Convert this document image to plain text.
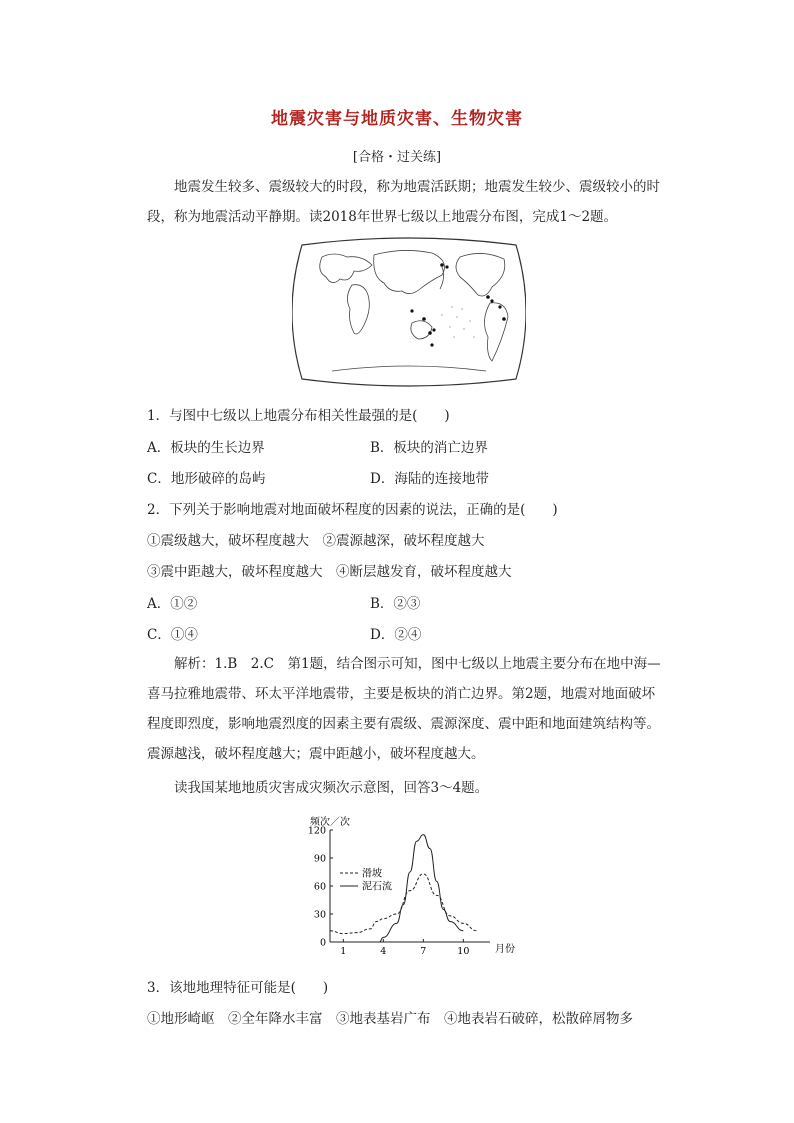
地震灾害与地质灾害、生物灾害
[合格・过关练]
地震发生较多、震级较大的时段，称为地震活跃期；地震发生较少、震级较小的时段，称为地震活动平静期。读2018年世界七级以上地震分布图，完成1～2题。
1．与图中七级以上地震分布相关性最强的是(　　)
A．板块的生长边界	B．板块的消亡边界
C．地形破碎的岛屿	D．海陆的连接地带
2．下列关于影响地震对地面破坏程度的因素的说法，正确的是(　　)
①震级越大，破坏程度越大　②震源越深，破坏程度越大
③震中距越大，破坏程度越大　④断层越发育，破坏程度越大
A．①②	B．②③
C．①④	D．②④
解析：1.B　2.C　第1题，结合图示可知，图中七级以上地震主要分布在地中海—喜马拉雅地震带、环太平洋地震带，主要是板块的消亡边界。第2题，地震对地面破坏程度即烈度，影响地震烈度的因素主要有震级、震源深度、震中距和地面建筑结构等。震源越浅，破坏程度越大；震中距越小，破坏程度越大。
读我国某地地质灾害成灾频次示意图，回答3～4题。
频次／次
月份
0
30
60
90
120
1	4	7	10
滑坡
泥石流
3．该地地理特征可能是(　　)
①地形崎岖　②全年降水丰富　③地表基岩广布　④地表岩石破碎，松散碎屑物多
